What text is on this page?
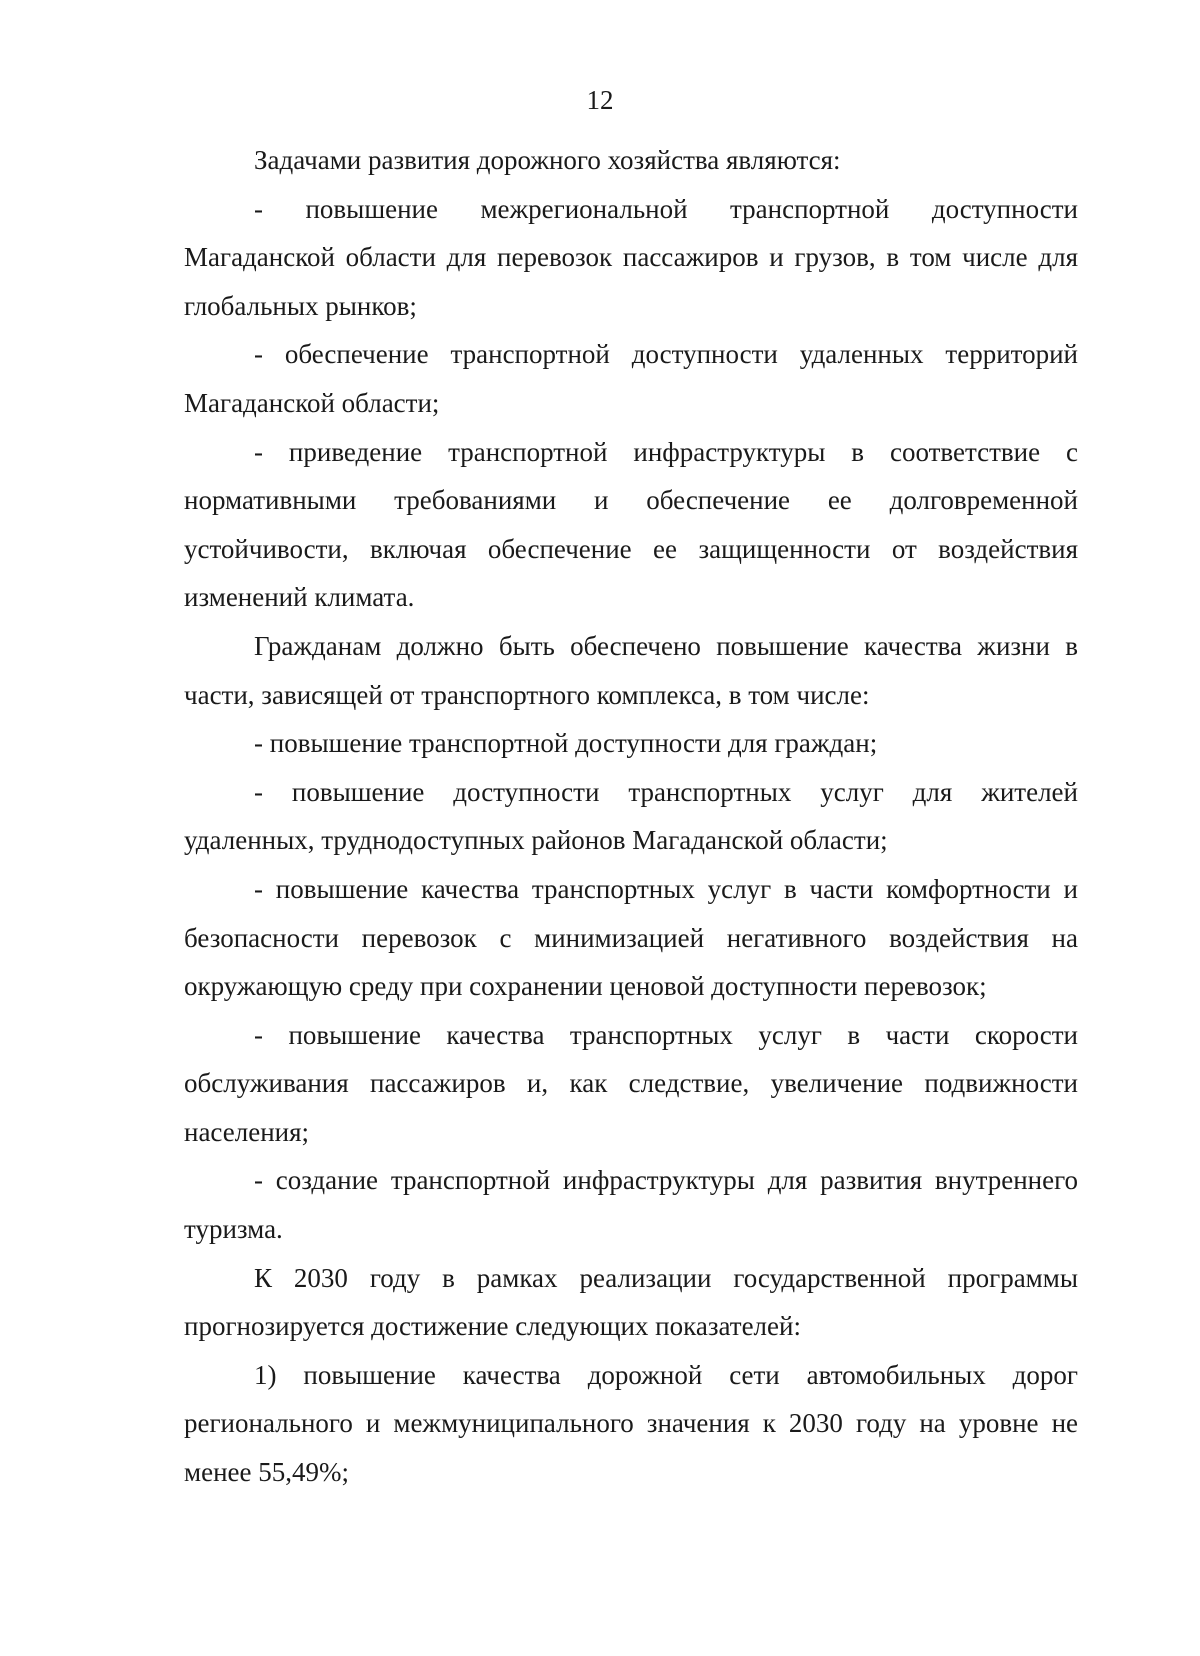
12

Задачами развития дорожного хозяйства являются:

- повышение межрегиональной транспортной доступности Магаданской области для перевозок пассажиров и грузов, в том числе для глобальных рынков;

- обеспечение транспортной доступности удаленных территорий Магаданской области;

- приведение транспортной инфраструктуры в соответствие с нормативными требованиями и обеспечение ее долговременной устойчивости, включая обеспечение ее защищенности от воздействия изменений климата.

Гражданам должно быть обеспечено повышение качества жизни в части, зависящей от транспортного комплекса, в том числе:

- повышение транспортной доступности для граждан;

- повышение доступности транспортных услуг для жителей удаленных, труднодоступных районов Магаданской области;

- повышение качества транспортных услуг в части комфортности и безопасности перевозок с минимизацией негативного воздействия на окружающую среду при сохранении ценовой доступности перевозок;

- повышение качества транспортных услуг в части скорости обслуживания пассажиров и, как следствие, увеличение подвижности населения;

- создание транспортной инфраструктуры для развития внутреннего туризма.

К 2030 году в рамках реализации государственной программы прогнозируется достижение следующих показателей:

1) повышение качества дорожной сети автомобильных дорог регионального и межмуниципального значения к 2030 году на уровне не менее 55,49%;
